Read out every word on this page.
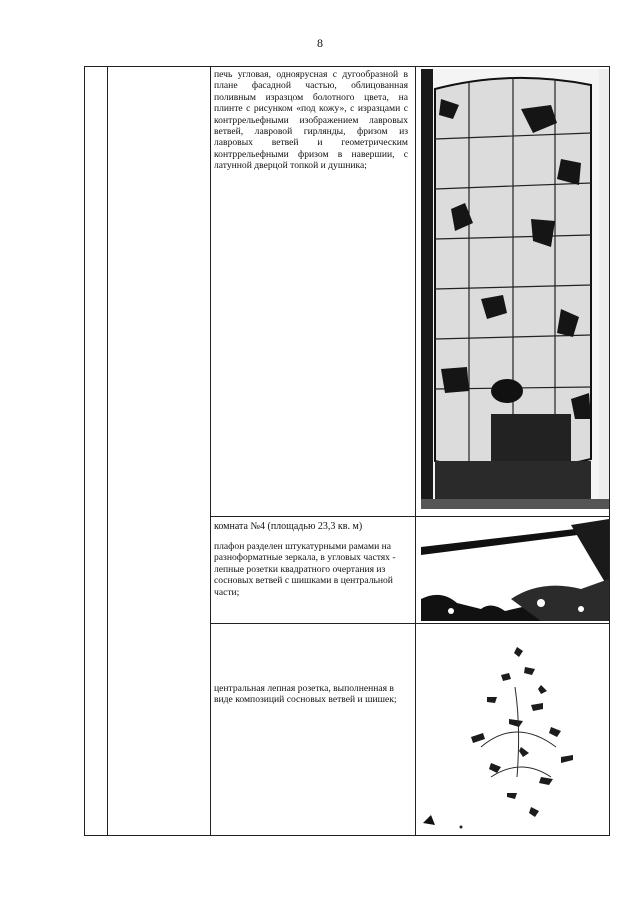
8
печь угловая, одноярусная с дугообразной в плане фасадной частью, облицованная поливным изразцом болотного цвета, на плинте с рисунком «под кожу», с изразцами с контррельефными изображением лавровых ветвей, лавровой гирлянды, фризом из лавровых ветвей и геометрическим контррельефными фризом в навершии, с латунной дверцой топкой и душника;
комната №4 (площадью 23,3 кв. м)
плафон разделен штукатурными рамами на разноформатные зеркала, в угловых частях - лепные розетки квадратного очертания из сосновых ветвей с шишками в центральной части;
центральная лепная розетка, выполненная в виде композиций сосновых ветвей и шишек;
